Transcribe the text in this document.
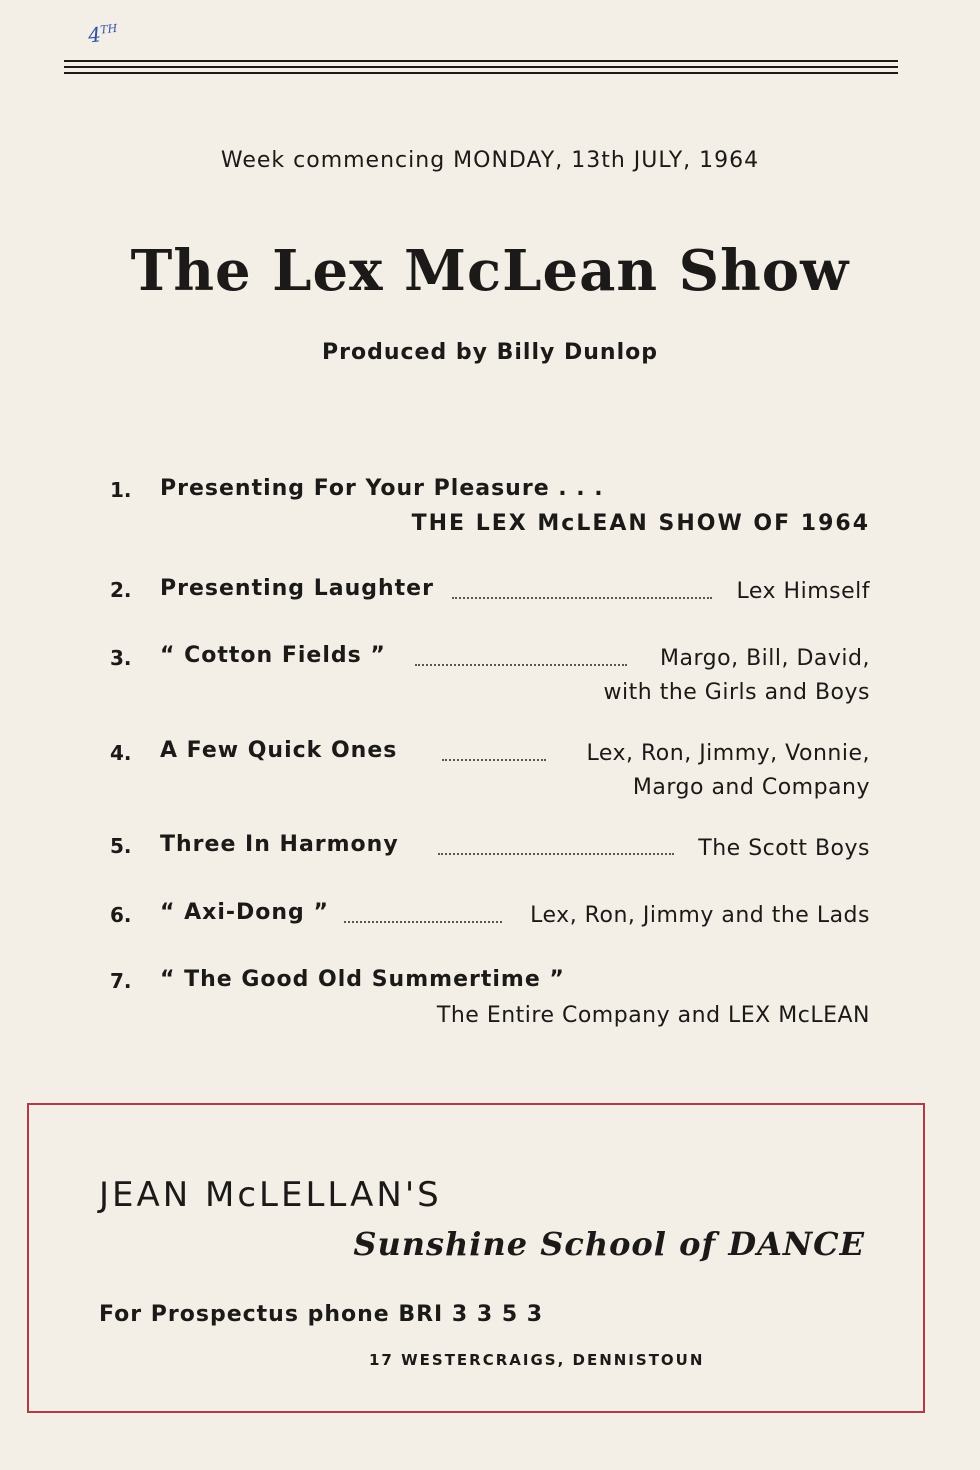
4TH
Week commencing MONDAY, 13th JULY, 1964
The Lex McLean Show
Produced by Billy Dunlop
1. Presenting For Your Pleasure . . .
THE LEX McLEAN SHOW OF 1964
2. Presenting Laughter	Lex Himself
3. “ Cotton Fields ”	Margo, Bill, David,
with the Girls and Boys
4. A Few Quick Ones	Lex, Ron, Jimmy, Vonnie,
Margo and Company
5. Three In Harmony	The Scott Boys
6. “ Axi-Dong ”	Lex, Ron, Jimmy and the Lads
7. “ The Good Old Summertime ”
The Entire Company and LEX McLEAN
JEAN McLELLAN'S
Sunshine School of DANCE
For Prospectus phone BRI 3 3 5 3
17 WESTERCRAIGS, DENNISTOUN
